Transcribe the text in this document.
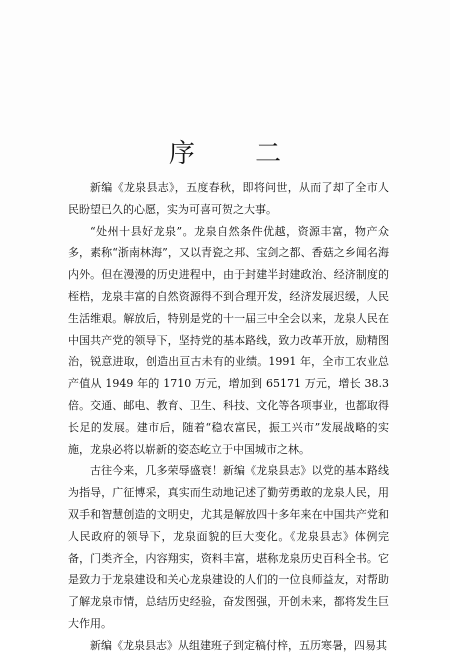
序 二

新编《龙泉县志》，五度春秋，即将问世，从而了却了全市人民盼望已久的心愿，实为可喜可贺之大事。

“处州十县好龙泉”。龙泉自然条件优越，资源丰富，物产众多，素称“浙南林海”，又以青瓷之邦、宝剑之都、香菇之乡闻名海内外。但在漫漫的历史进程中，由于封建半封建政治、经济制度的桎梏，龙泉丰富的自然资源得不到合理开发，经济发展迟缓，人民生活维艰。解放后，特别是党的十一届三中全会以来，龙泉人民在中国共产党的领导下，坚持党的基本路线，致力改革开放，励精图治，锐意进取，创造出亘古未有的业绩。1991 年，全市工农业总产值从 1949 年的 1710 万元，增加到 65171 万元，增长 38.3 倍。交通、邮电、教育、卫生、科技、文化等各项事业，也都取得长足的发展。建市后，随着“稳农富民，振工兴市”发展战略的实施，龙泉必将以崭新的姿态屹立于中国城市之林。

古往今来，几多荣辱盛衰！新编《龙泉县志》以党的基本路线为指导，广征博采，真实而生动地记述了勤劳勇敢的龙泉人民，用双手和智慧创造的文明史，尤其是解放四十多年来在中国共产党和人民政府的领导下，龙泉面貌的巨大变化。《龙泉县志》体例完备，门类齐全，内容翔实，资料丰富，堪称龙泉历史百科全书。它是致力于龙泉建设和关心龙泉建设的人们的一位良师益友，对帮助了解龙泉市情，总结历史经验，奋发图强，开创未来，都将发生巨大作用。

新编《龙泉县志》从组建班子到定稿付梓，五历寒暑，四易其
